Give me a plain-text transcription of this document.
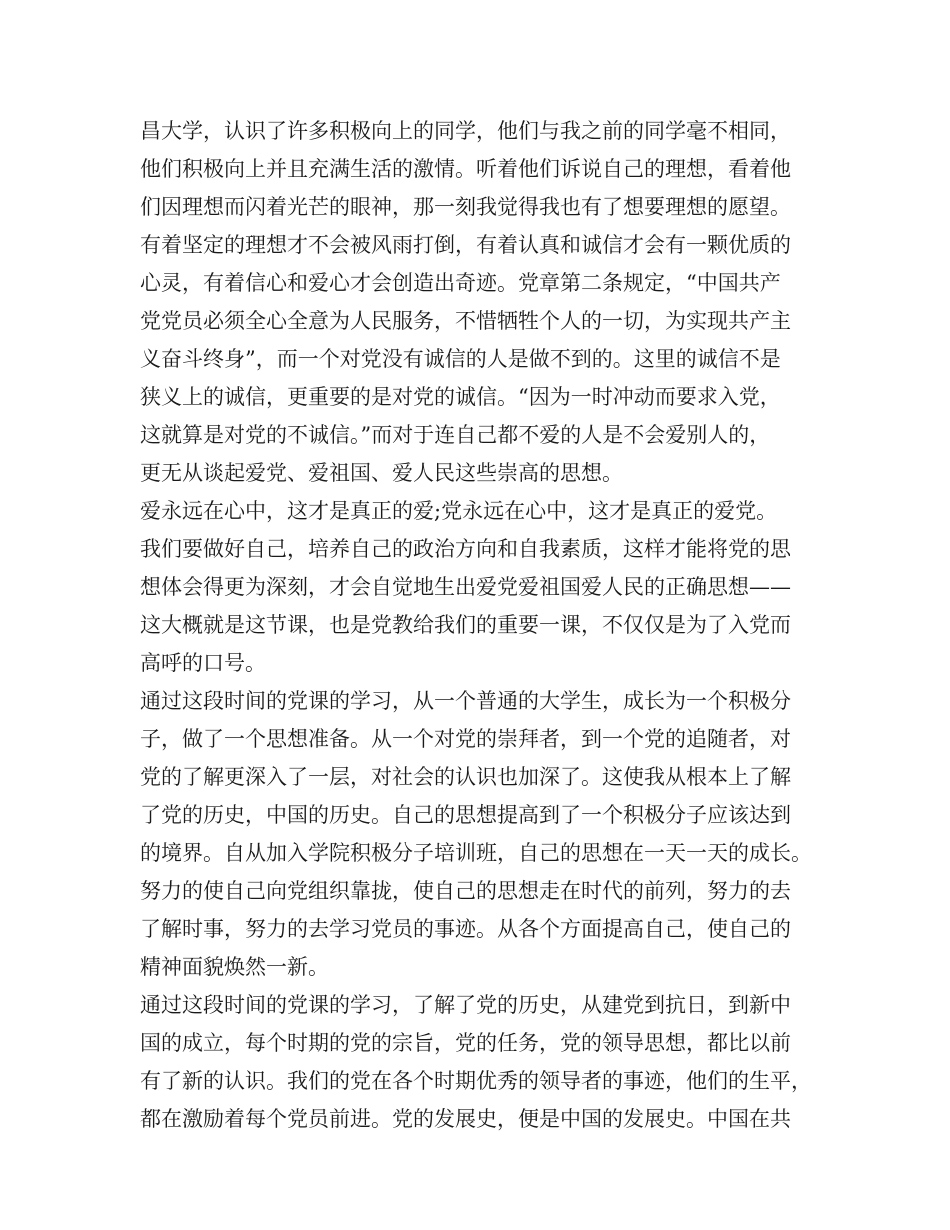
昌大学，认识了许多积极向上的同学，他们与我之前的同学毫不相同，
他们积极向上并且充满生活的激情。听着他们诉说自己的理想，看着他
们因理想而闪着光芒的眼神，那一刻我觉得我也有了想要理想的愿望。
有着坚定的理想才不会被风雨打倒，有着认真和诚信才会有一颗优质的
心灵，有着信心和爱心才会创造出奇迹。党章第二条规定，“中国共产
党党员必须全心全意为人民服务，不惜牺牲个人的一切，为实现共产主
义奋斗终身”，而一个对党没有诚信的人是做不到的。这里的诚信不是
狭义上的诚信，更重要的是对党的诚信。“因为一时冲动而要求入党，
这就算是对党的不诚信。”而对于连自己都不爱的人是不会爱别人的，
更无从谈起爱党、爱祖国、爱人民这些崇高的思想。
爱永远在心中，这才是真正的爱;党永远在心中，这才是真正的爱党。
我们要做好自己，培养自己的政治方向和自我素质，这样才能将党的思
想体会得更为深刻，才会自觉地生出爱党爱祖国爱人民的正确思想——
这大概就是这节课，也是党教给我们的重要一课，不仅仅是为了入党而
高呼的口号。
通过这段时间的党课的学习，从一个普通的大学生，成长为一个积极分
子，做了一个思想准备。从一个对党的崇拜者，到一个党的追随者，对
党的了解更深入了一层，对社会的认识也加深了。这使我从根本上了解
了党的历史，中国的历史。自己的思想提高到了一个积极分子应该达到
的境界。自从加入学院积极分子培训班，自己的思想在一天一天的成长。
努力的使自己向党组织靠拢，使自己的思想走在时代的前列，努力的去
了解时事，努力的去学习党员的事迹。从各个方面提高自己，使自己的
精神面貌焕然一新。
通过这段时间的党课的学习，了解了党的历史，从建党到抗日，到新中
国的成立，每个时期的党的宗旨，党的任务，党的领导思想，都比以前
有了新的认识。我们的党在各个时期优秀的领导者的事迹，他们的生平，
都在激励着每个党员前进。党的发展史，便是中国的发展史。中国在共
